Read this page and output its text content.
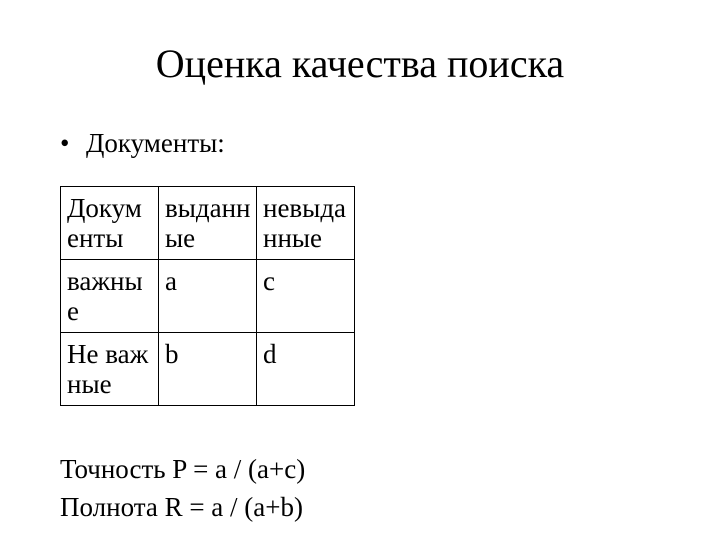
Оценка качества поиска
• Документы:
Документы	выданные	невыданные
важные	a	c
Не важные	b	d
Точность P = a / (a+c)
Полнота R = a / (a+b)
